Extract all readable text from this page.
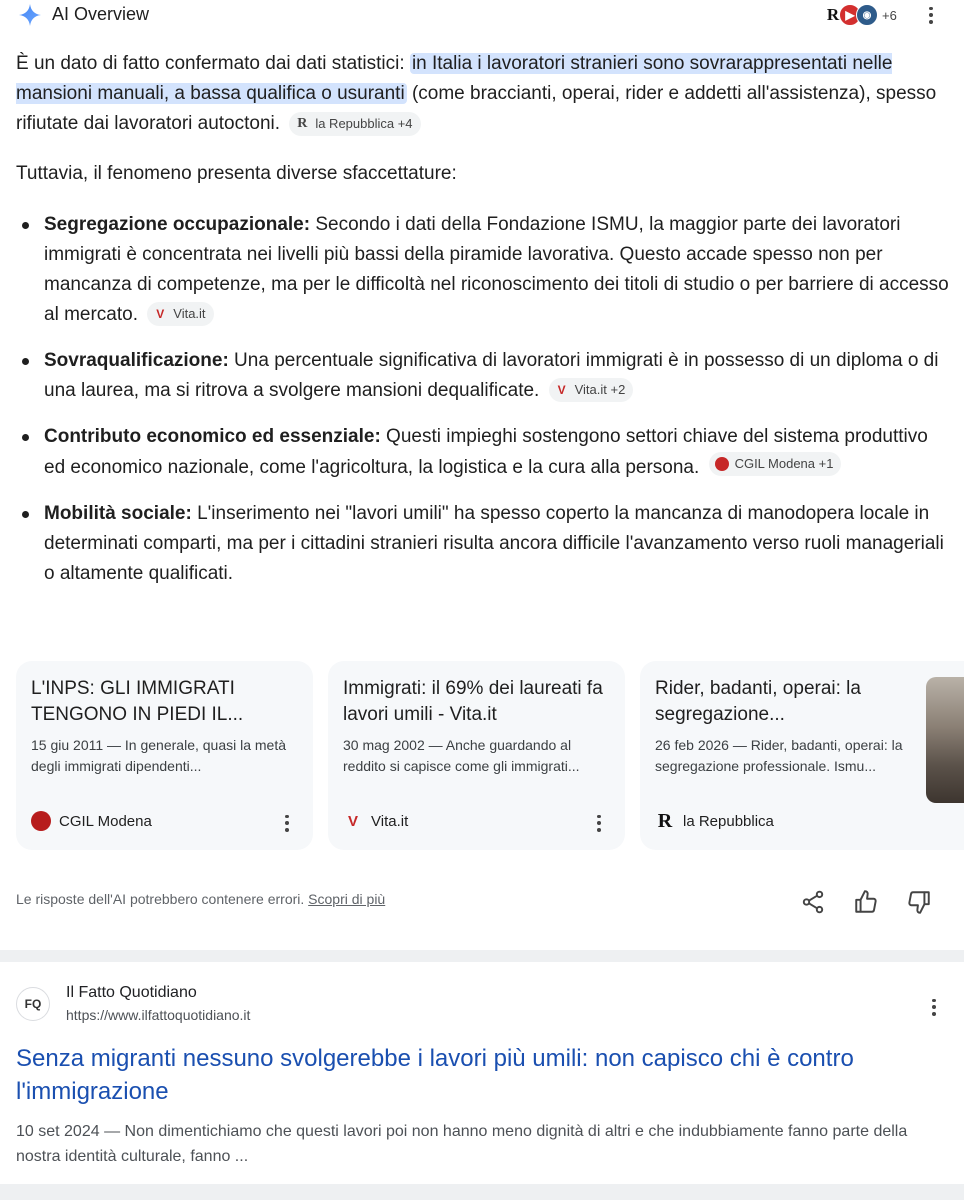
AI Overview	R ▶ ◉ +6

È un dato di fatto confermato dai dati statistici: in Italia i lavoratori stranieri sono sovrarappresentati nelle mansioni manuali, a bassa qualifica o usuranti (come braccianti, operai, rider e addetti all'assistenza), spesso rifiutate dai lavoratori autoctoni. R la Repubblica +4

Tuttavia, il fenomeno presenta diverse sfaccettature:

Segregazione occupazionale: Secondo i dati della Fondazione ISMU, la maggior parte dei lavoratori immigrati è concentrata nei livelli più bassi della piramide lavorativa. Questo accade spesso non per mancanza di competenze, ma per le difficoltà nel riconoscimento dei titoli di studio o per barriere di accesso al mercato. V Vita.it
Sovraqualificazione: Una percentuale significativa di lavoratori immigrati è in possesso di un diploma o di una laurea, ma si ritrova a svolgere mansioni dequalificate. V Vita.it +2
Contributo economico ed essenziale: Questi impieghi sostengono settori chiave del sistema produttivo ed economico nazionale, come l'agricoltura, la logistica e la cura alla persona.	CGIL Modena +1
Mobilità sociale: L'inserimento nei "lavori umili" ha spesso coperto la mancanza di manodopera locale in determinati comparti, ma per i cittadini stranieri risulta ancora difficile l'avanzamento verso ruoli manageriali o altamente qualificati.
L'INPS: GLI IMMIGRATI TENGONO IN PIEDI IL...
15 giu 2011 — In generale, quasi la metà degli immigrati dipendenti...
CGIL Modena
Immigrati: il 69% dei laureati fa lavori umili - Vita.it
30 mag 2002 — Anche guardando al reddito si capisce come gli immigrati...
V Vita.it
Rider, badanti, operai: la segregazione...
26 feb 2026 — Rider, badanti, operai: la segregazione professionale. Ismu...
R la Repubblica
Le risposte dell'AI potrebbero contenere errori. Scopri di più
FQ
Il Fatto Quotidiano
https://www.ilfattoquotidiano.it
Senza migranti nessuno svolgerebbe i lavori più umili: non capisco chi è contro l'immigrazione
10 set 2024 — Non dimentichiamo che questi lavori poi non hanno meno dignità di altri e che indubbiamente fanno parte della nostra identità culturale, fanno ...
